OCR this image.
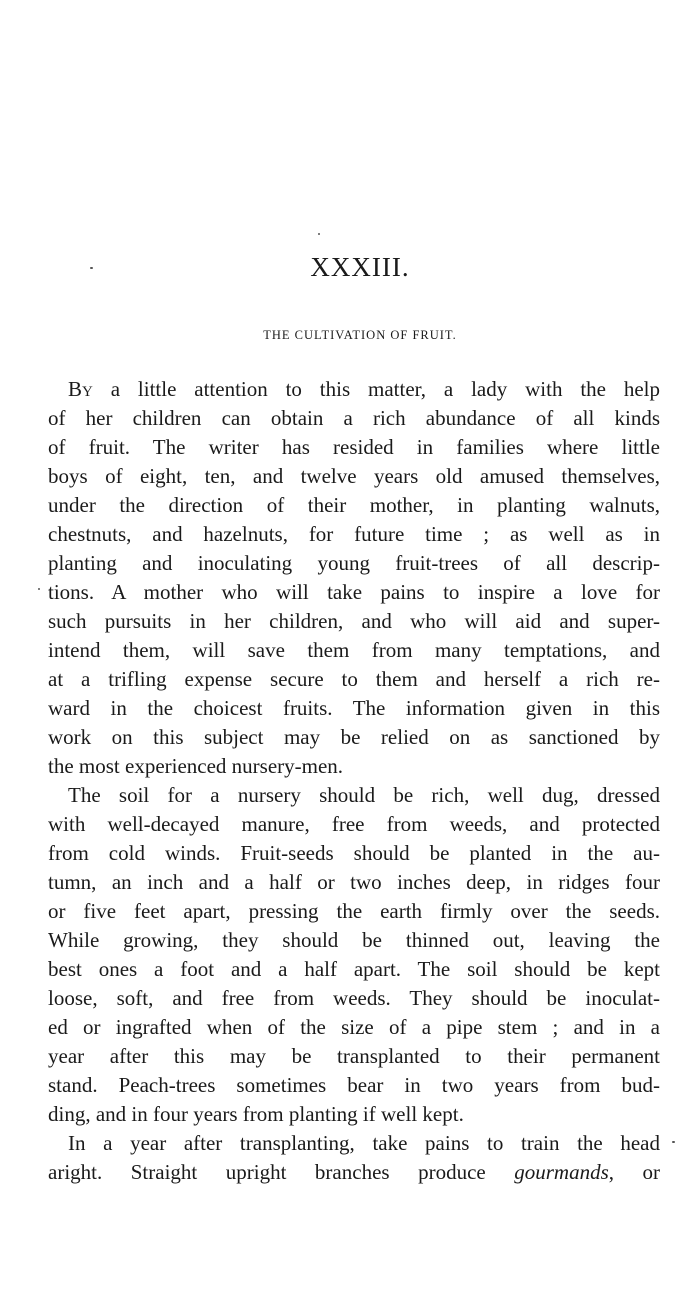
XXXIII.
THE CULTIVATION OF FRUIT.
By a little attention to this matter, a lady with the help
of her children can obtain a rich abundance of all kinds
of fruit. The writer has resided in families where little
boys of eight, ten, and twelve years old amused themselves,
under the direction of their mother, in planting walnuts,
chestnuts, and hazelnuts, for future time ; as well as in
planting and inoculating young fruit-trees of all descrip-
tions. A mother who will take pains to inspire a love for
such pursuits in her children, and who will aid and super-
intend them, will save them from many temptations, and
at a trifling expense secure to them and herself a rich re-
ward in the choicest fruits. The information given in this
work on this subject may be relied on as sanctioned by
the most experienced nursery-men.
The soil for a nursery should be rich, well dug, dressed
with well-decayed manure, free from weeds, and protected
from cold winds. Fruit-seeds should be planted in the au-
tumn, an inch and a half or two inches deep, in ridges four
or five feet apart, pressing the earth firmly over the seeds.
While growing, they should be thinned out, leaving the
best ones a foot and a half apart. The soil should be kept
loose, soft, and free from weeds. They should be inoculat-
ed or ingrafted when of the size of a pipe stem ; and in a
year after this may be transplanted to their permanent
stand. Peach-trees sometimes bear in two years from bud-
ding, and in four years from planting if well kept.
In a year after transplanting, take pains to train the head
aright. Straight upright branches produce gourmands, or
